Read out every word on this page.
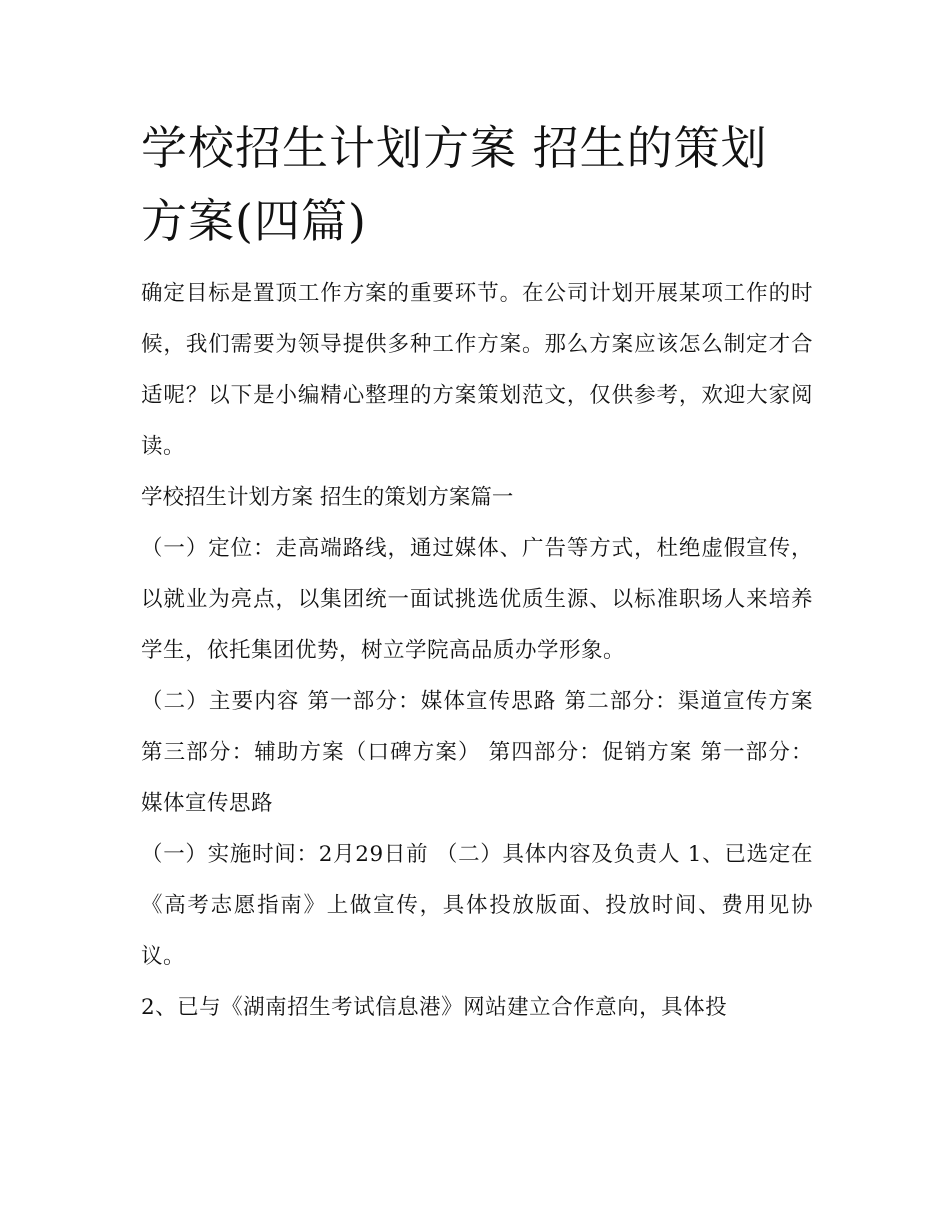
学校招生计划方案 招生的策划方案(四篇)

确定目标是置顶工作方案的重要环节。在公司计划开展某项工作的时候，我们需要为领导提供多种工作方案。那么方案应该怎么制定才合适呢？以下是小编精心整理的方案策划范文，仅供参考，欢迎大家阅读。

学校招生计划方案 招生的策划方案篇一

（一）定位：走高端路线，通过媒体、广告等方式，杜绝虚假宣传，以就业为亮点，以集团统一面试挑选优质生源、以标准职场人来培养学生，依托集团优势，树立学院高品质办学形象。

（二）主要内容 第一部分：媒体宣传思路 第二部分：渠道宣传方案 第三部分：辅助方案（口碑方案） 第四部分：促销方案 第一部分：媒体宣传思路

（一）实施时间：2月29日前 （二）具体内容及负责人 1、已选定在《高考志愿指南》上做宣传，具体投放版面、投放时间、费用见协议。

2、已与《湖南招生考试信息港》网站建立合作意向，具体投
